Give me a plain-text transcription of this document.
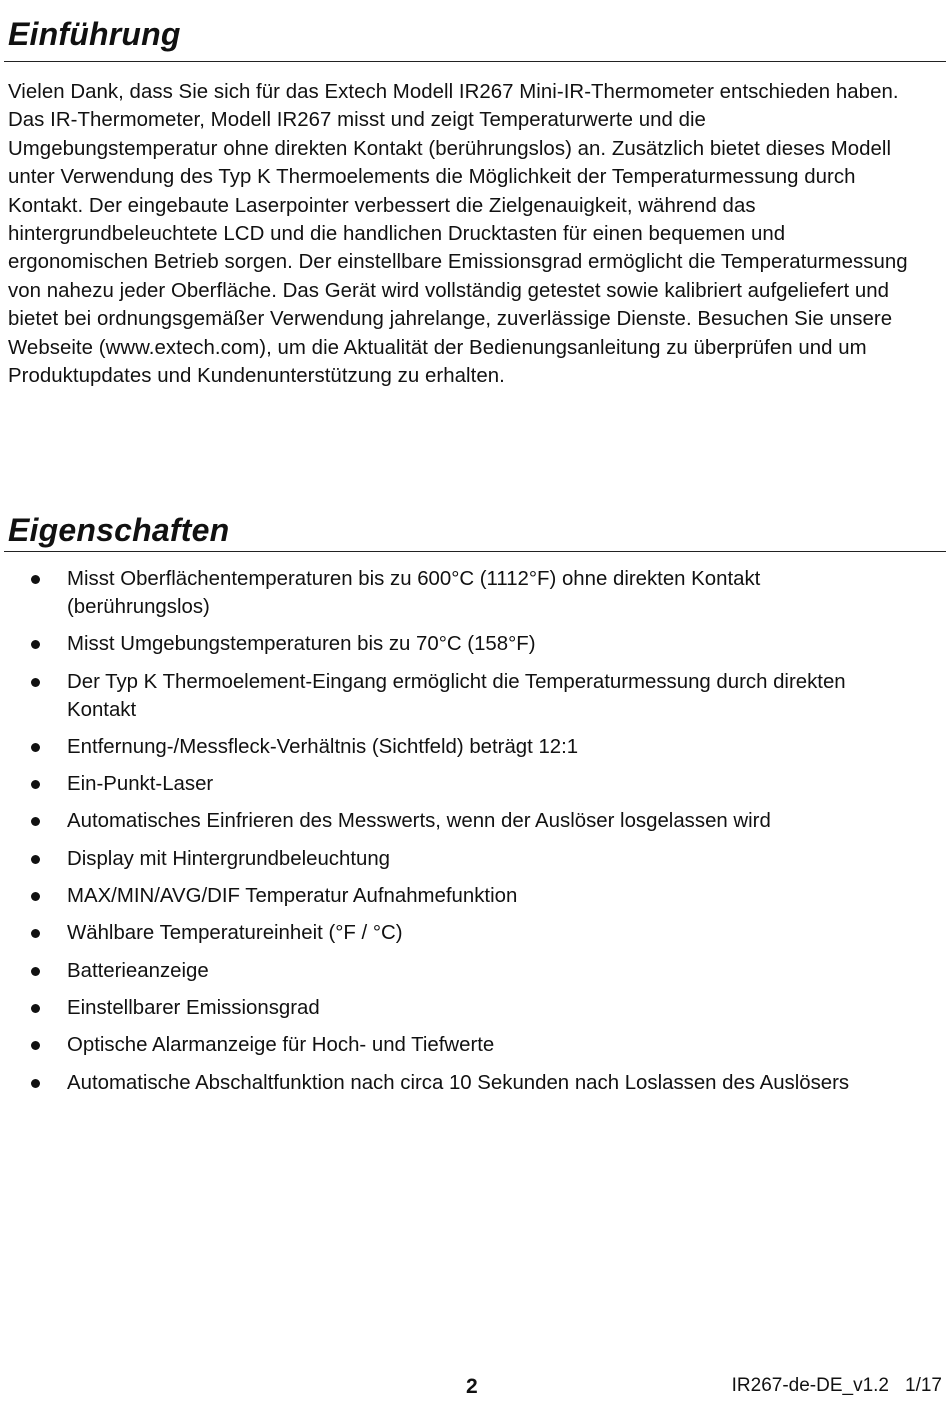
Einführung

Vielen Dank, dass Sie sich für das Extech Modell IR267 Mini-IR-Thermometer entschieden haben.
Das IR-Thermometer, Modell IR267 misst und zeigt Temperaturwerte und die
Umgebungstemperatur ohne direkten Kontakt (berührungslos) an. Zusätzlich bietet dieses Modell
unter Verwendung des Typ K Thermoelements die Möglichkeit der Temperaturmessung durch
Kontakt. Der eingebaute Laserpointer verbessert die Zielgenauigkeit, während das
hintergrundbeleuchtete LCD und die handlichen Drucktasten für einen bequemen und
ergonomischen Betrieb sorgen. Der einstellbare Emissionsgrad ermöglicht die Temperaturmessung
von nahezu jeder Oberfläche. Das Gerät wird vollständig getestet sowie kalibriert aufgeliefert und
bietet bei ordnungsgemäßer Verwendung jahrelange, zuverlässige Dienste. Besuchen Sie unsere
Webseite (www.extech.com), um die Aktualität der Bedienungsanleitung zu überprüfen und um
Produktupdates und Kundenunterstützung zu erhalten.

Eigenschaften
Misst Oberflächentemperaturen bis zu 600°C (1112°F) ohne direkten Kontakt
(berührungslos)
Misst Umgebungstemperaturen bis zu 70°C (158°F)
Der Typ K Thermoelement-Eingang ermöglicht die Temperaturmessung durch direkten
Kontakt
Entfernung-/Messfleck-Verhältnis (Sichtfeld) beträgt 12:1
Ein-Punkt-Laser
Automatisches Einfrieren des Messwerts, wenn der Auslöser losgelassen wird
Display mit Hintergrundbeleuchtung
MAX/MIN/AVG/DIF Temperatur Aufnahmefunktion
Wählbare Temperatureinheit (°F / °C)
Batterieanzeige
Einstellbarer Emissionsgrad
Optische Alarmanzeige für Hoch- und Tiefwerte
Automatische Abschaltfunktion nach circa 10 Sekunden nach Loslassen des Auslösers
2	IR267-de-DE_v1.2 1/17
